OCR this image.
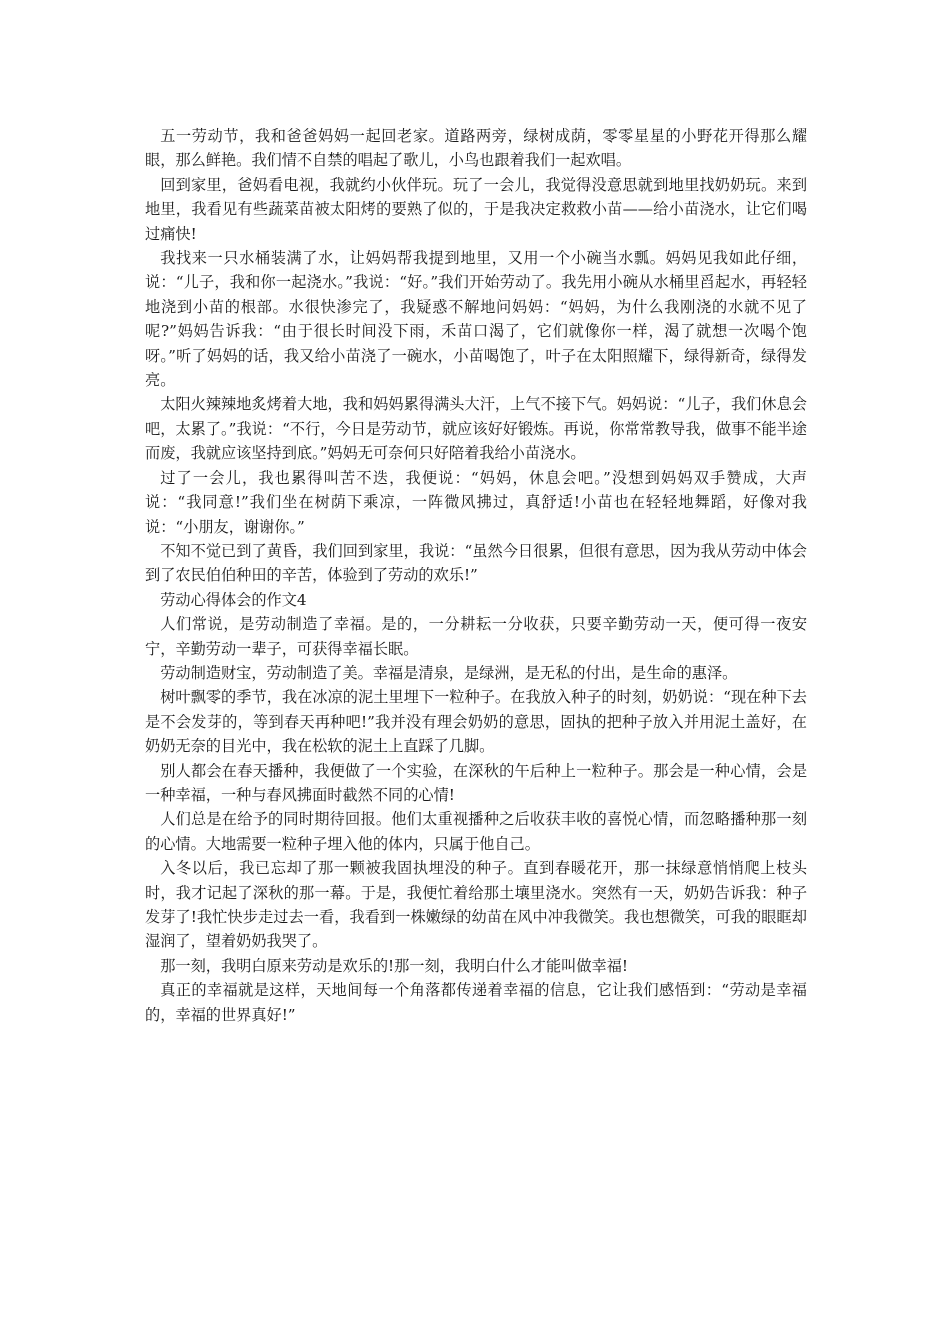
五一劳动节，我和爸爸妈妈一起回老家。道路两旁，绿树成荫，零零星星的小野花开得那么耀眼，那么鲜艳。我们情不自禁的唱起了歌儿，小鸟也跟着我们一起欢唱。

回到家里，爸妈看电视，我就约小伙伴玩。玩了一会儿，我觉得没意思就到地里找奶奶玩。来到地里，我看见有些蔬菜苗被太阳烤的要熟了似的，于是我决定救救小苗——给小苗浇水，让它们喝过痛快!

我找来一只水桶装满了水，让妈妈帮我提到地里，又用一个小碗当水瓢。妈妈见我如此仔细，说：“儿子，我和你一起浇水。”我说：“好。”我们开始劳动了。我先用小碗从水桶里舀起水，再轻轻地浇到小苗的根部。水很快渗完了，我疑惑不解地问妈妈：“妈妈，为什么我刚浇的水就不见了呢?”妈妈告诉我：“由于很长时间没下雨，禾苗口渴了，它们就像你一样，渴了就想一次喝个饱呀。”听了妈妈的话，我又给小苗浇了一碗水，小苗喝饱了，叶子在太阳照耀下，绿得新奇，绿得发亮。

太阳火辣辣地炙烤着大地，我和妈妈累得满头大汗，上气不接下气。妈妈说：“儿子，我们休息会吧，太累了。”我说：“不行，今日是劳动节，就应该好好锻炼。再说，你常常教导我，做事不能半途而废，我就应该坚持到底。”妈妈无可奈何只好陪着我给小苗浇水。

过了一会儿，我也累得叫苦不迭，我便说：“妈妈，休息会吧。”没想到妈妈双手赞成，大声说：“我同意!”我们坐在树荫下乘凉，一阵微风拂过，真舒适!小苗也在轻轻地舞蹈，好像对我说：“小朋友，谢谢你。”

不知不觉已到了黄昏，我们回到家里，我说：“虽然今日很累，但很有意思，因为我从劳动中体会到了农民伯伯种田的辛苦，体验到了劳动的欢乐!”

劳动心得体会的作文4

人们常说，是劳动制造了幸福。是的，一分耕耘一分收获，只要辛勤劳动一天，便可得一夜安宁，辛勤劳动一辈子，可获得幸福长眠。

劳动制造财宝，劳动制造了美。幸福是清泉，是绿洲，是无私的付出，是生命的惠泽。

树叶飘零的季节，我在冰凉的泥土里埋下一粒种子。在我放入种子的时刻，奶奶说：“现在种下去是不会发芽的，等到春天再种吧!”我并没有理会奶奶的意思，固执的把种子放入并用泥土盖好，在奶奶无奈的目光中，我在松软的泥土上直踩了几脚。

别人都会在春天播种，我便做了一个实验，在深秋的午后种上一粒种子。那会是一种心情，会是一种幸福，一种与春风拂面时截然不同的心情!

人们总是在给予的同时期待回报。他们太重视播种之后收获丰收的喜悦心情，而忽略播种那一刻的心情。大地需要一粒种子埋入他的体内，只属于他自己。

入冬以后，我已忘却了那一颗被我固执埋没的种子。直到春暖花开，那一抹绿意悄悄爬上枝头时，我才记起了深秋的那一幕。于是，我便忙着给那土壤里浇水。突然有一天，奶奶告诉我：种子发芽了!我忙快步走过去一看，我看到一株嫩绿的幼苗在风中冲我微笑。我也想微笑，可我的眼眶却湿润了，望着奶奶我哭了。

那一刻，我明白原来劳动是欢乐的!那一刻，我明白什么才能叫做幸福!

真正的幸福就是这样，天地间每一个角落都传递着幸福的信息，它让我们感悟到：“劳动是幸福的，幸福的世界真好!”
